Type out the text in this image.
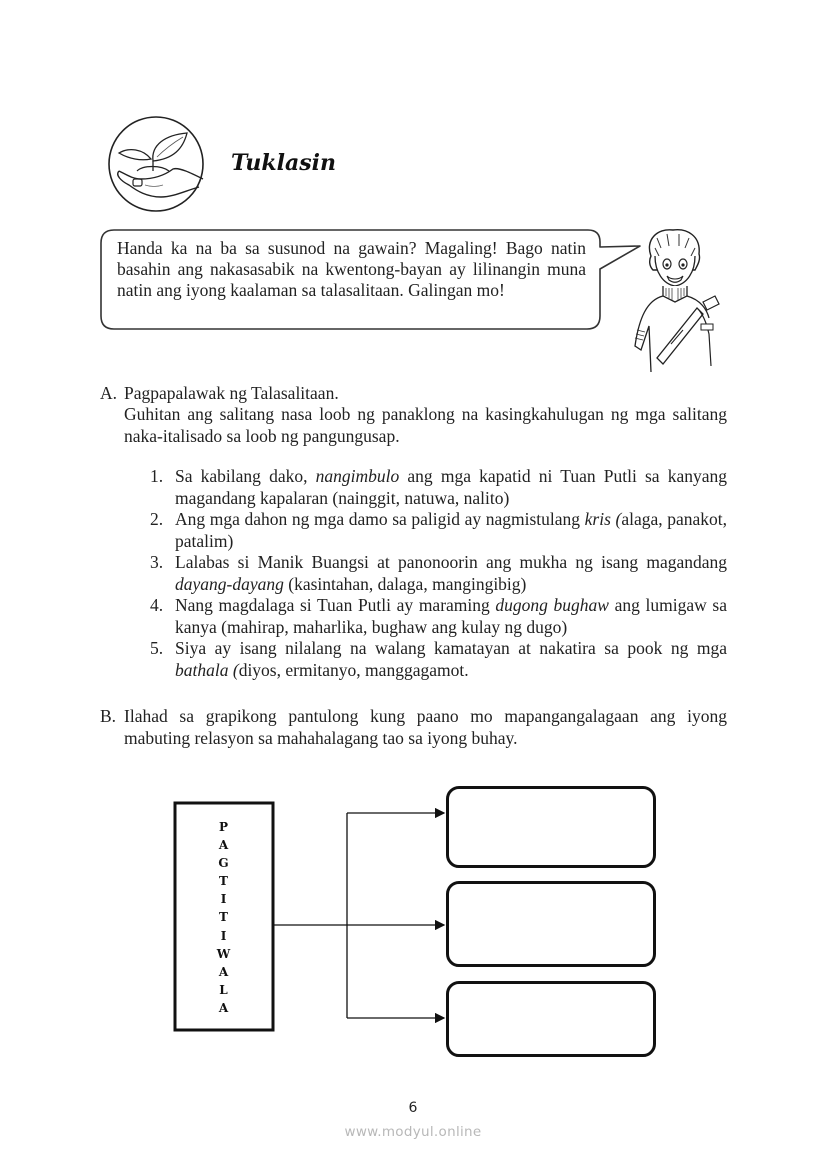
Tuklasin
Handa ka na ba sa susunod na gawain? Magaling! Bago natin basahin ang nakasasabik na kwentong-bayan ay lilinangin muna natin ang iyong kaalaman sa talasalitaan. Galingan mo!
A. Pagpapalawak ng Talasalitaan.
Guhitan ang salitang nasa loob ng panaklong na kasingkahulugan ng mga salitang naka-italisado sa loob ng pangungusap.
1. Sa kabilang dako, nangimbulo ang mga kapatid ni Tuan Putli sa kanyang magandang kapalaran (nainggit, natuwa, nalito)
2. Ang mga dahon ng mga damo sa paligid ay nagmistulang kris (alaga, panakot, patalim)
3. Lalabas si Manik Buangsi at panonoorin ang mukha ng isang magandang dayang-dayang (kasintahan, dalaga, mangingibig)
4. Nang magdalaga si Tuan Putli ay maraming dugong bughaw ang lumigaw sa kanya (mahirap, maharlika, bughaw ang kulay ng dugo)
5. Siya ay isang nilalang na walang kamatayan at nakatira sa pook ng mga bathala (diyos, ermitanyo, manggagamot.
B. Ilahad sa grapikong pantulong kung paano mo mapangangalagaan ang iyong mabuting relasyon sa mahahalagang tao sa iyong buhay.
P
A
G
T
I
T
I
W
A
L
A
6
www.modyul.online
